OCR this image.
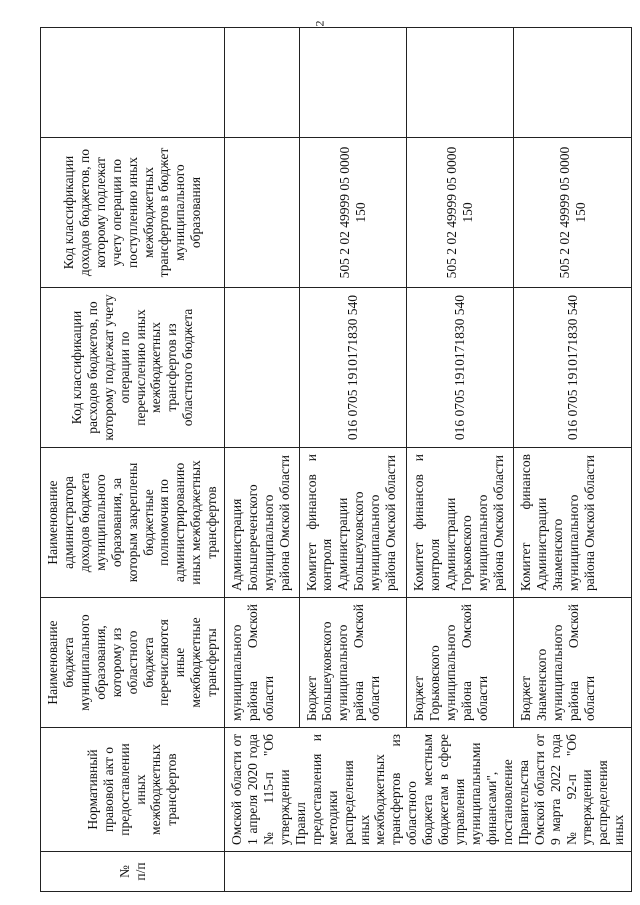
2
№ п/п	Нормативный правовой акт о предоставлении иных межбюджетных трансфертов	Наименование бюджета муниципального образования, которому из областного бюджета перечисляются иные межбюджетные трансферты	Наименование администратора доходов бюджета муниципального образования, за которым закреплены бюджетные полномочия по администрированию иных межбюджетных трансфертов	Код классификации расходов бюджетов, по которому подлежат учету операции по перечислению иных межбюджетных трансфертов из областного бюджета	Код классификации доходов бюджетов, по которому подлежат учету операции по поступлению иных межбюджетных трансфертов в бюджет муниципального образования	
	Омской области от 1 апреля 2020 года № 115-п "Об утверждении Правил предоставления и методики распределения иных межбюджетных трансфертов из областного бюджета местным бюджетам в сфере управления муниципальными финансами", постановление Правительства Омской области от 9 марта 2022 года № 92-п "Об утверждении распределения иных	муниципального района Омской области	Администрация Большереченского муниципального района Омской области			
		Бюджет Большеуковского муниципального района Омской области	Комитет финансов и контроля Администрации Большеуковского муниципального района Омской области	016 0705 1910171830 540	505 2 02 49999 05 0000 150	
		Бюджет Горьковского муниципального района Омской области	Комитет финансов и контроля Администрации Горьковского муниципального района Омской области	016 0705 1910171830 540	505 2 02 49999 05 0000 150	
		Бюджет Знаменского муниципального района Омской области	Комитет финансов Администрации Знаменского муниципального района Омской области	016 0705 1910171830 540	505 2 02 49999 05 0000 150	
